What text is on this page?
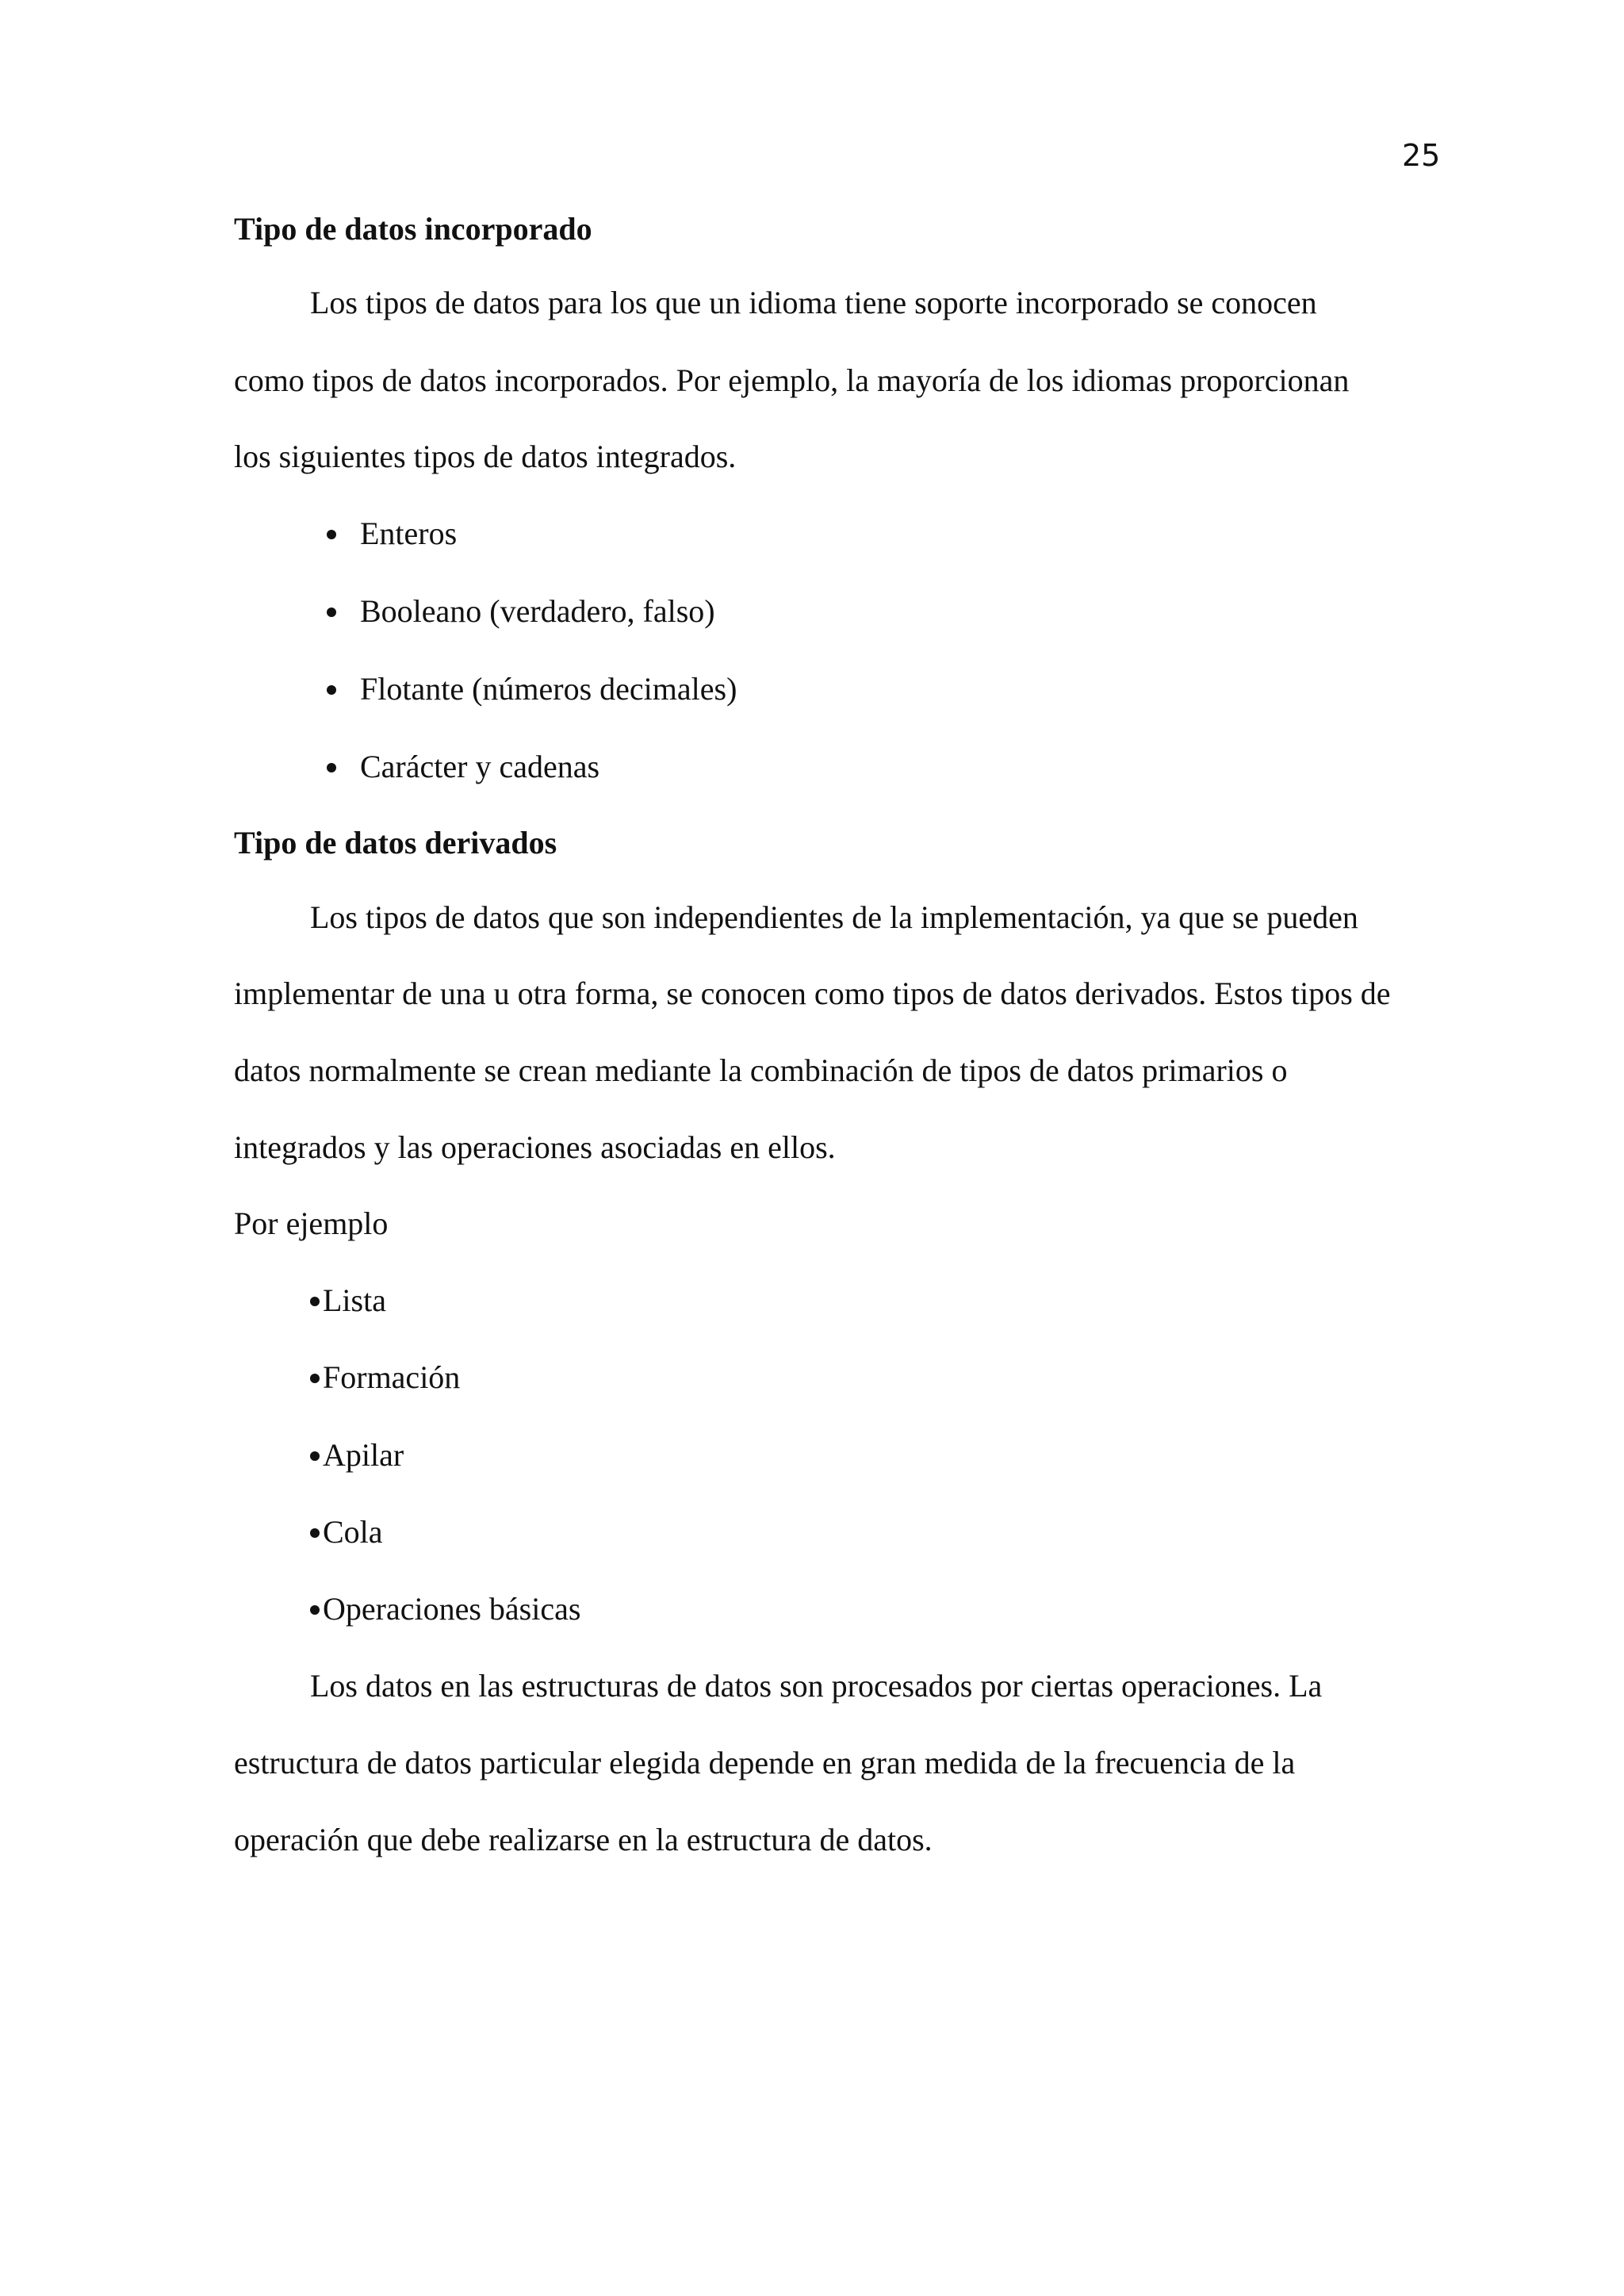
25
Tipo de datos incorporado
Los tipos de datos para los que un idioma tiene soporte incorporado se conocen
como tipos de datos incorporados. Por ejemplo, la mayoría de los idiomas proporcionan
los siguientes tipos de datos integrados.
Enteros
Booleano (verdadero, falso)
Flotante (números decimales)
Carácter y cadenas
Tipo de datos derivados
Los tipos de datos que son independientes de la implementación, ya que se pueden
implementar de una u otra forma, se conocen como tipos de datos derivados. Estos tipos de
datos normalmente se crean mediante la combinación de tipos de datos primarios o
integrados y las operaciones asociadas en ellos.
Por ejemplo
Lista
Formación
Apilar
Cola
Operaciones básicas
Los datos en las estructuras de datos son procesados por ciertas operaciones. La
estructura de datos particular elegida depende en gran medida de la frecuencia de la
operación que debe realizarse en la estructura de datos.
